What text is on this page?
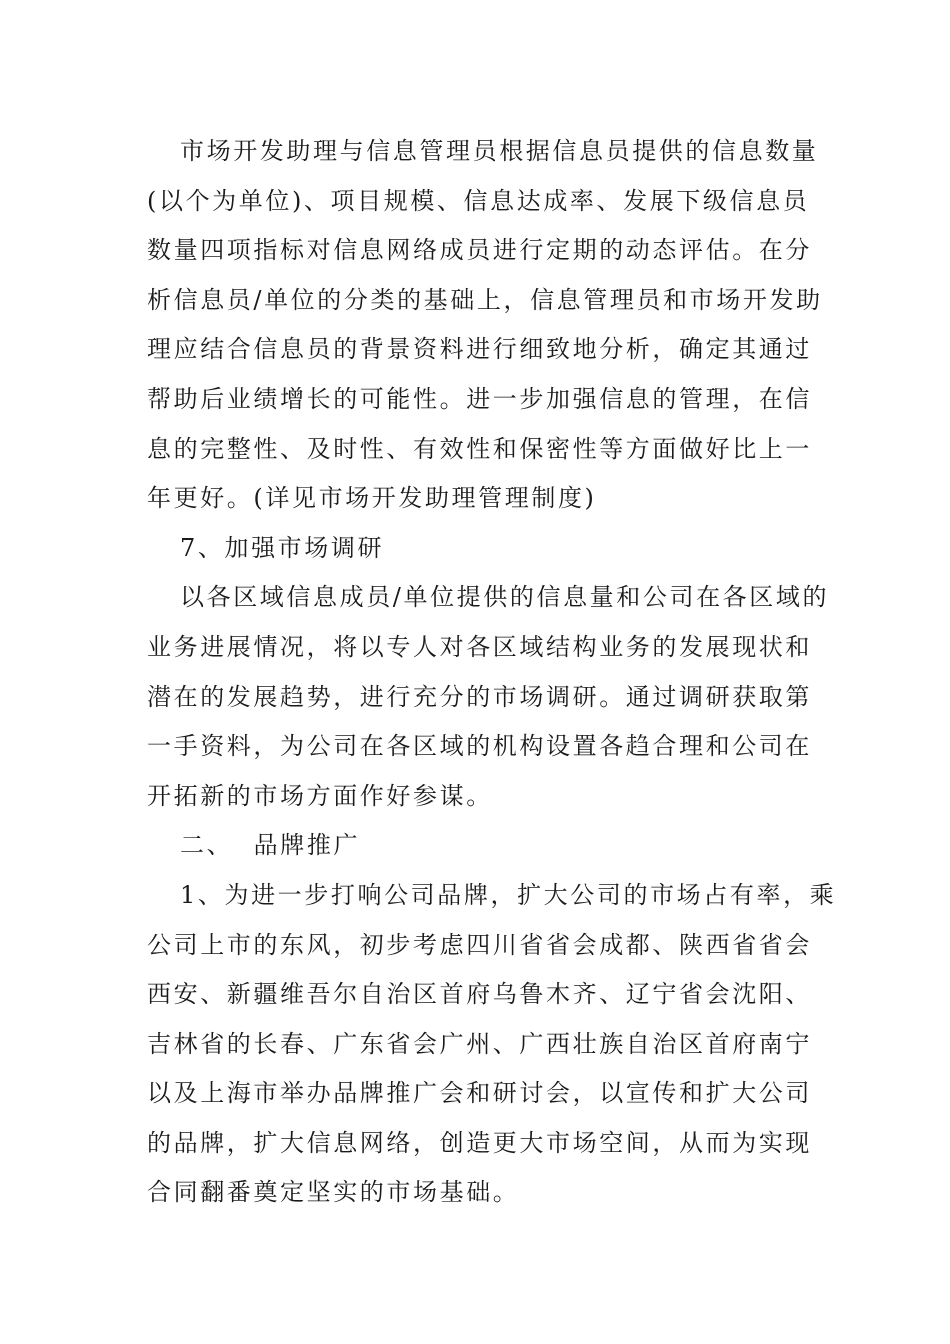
市场开发助理与信息管理员根据信息员提供的信息数量
(以个为单位)、项目规模、信息达成率、发展下级信息员
数量四项指标对信息网络成员进行定期的动态评估。在分
析信息员/单位的分类的基础上，信息管理员和市场开发助
理应结合信息员的背景资料进行细致地分析，确定其通过
帮助后业绩增长的可能性。进一步加强信息的管理，在信
息的完整性、及时性、有效性和保密性等方面做好比上一
年更好。(详见市场开发助理管理制度)
7、加强市场调研
以各区域信息成员/单位提供的信息量和公司在各区域的
业务进展情况，将以专人对各区域结构业务的发展现状和
潜在的发展趋势，进行充分的市场调研。通过调研获取第
一手资料，为公司在各区域的机构设置各趋合理和公司在
开拓新的市场方面作好参谋。
二、  品牌推广
1、为进一步打响公司品牌，扩大公司的市场占有率，乘
公司上市的东风，初步考虑四川省省会成都、陕西省省会
西安、新疆维吾尔自治区首府乌鲁木齐、辽宁省会沈阳、
吉林省的长春、广东省会广州、广西壮族自治区首府南宁
以及上海市举办品牌推广会和研讨会，以宣传和扩大公司
的品牌，扩大信息网络，创造更大市场空间，从而为实现
合同翻番奠定坚实的市场基础。
